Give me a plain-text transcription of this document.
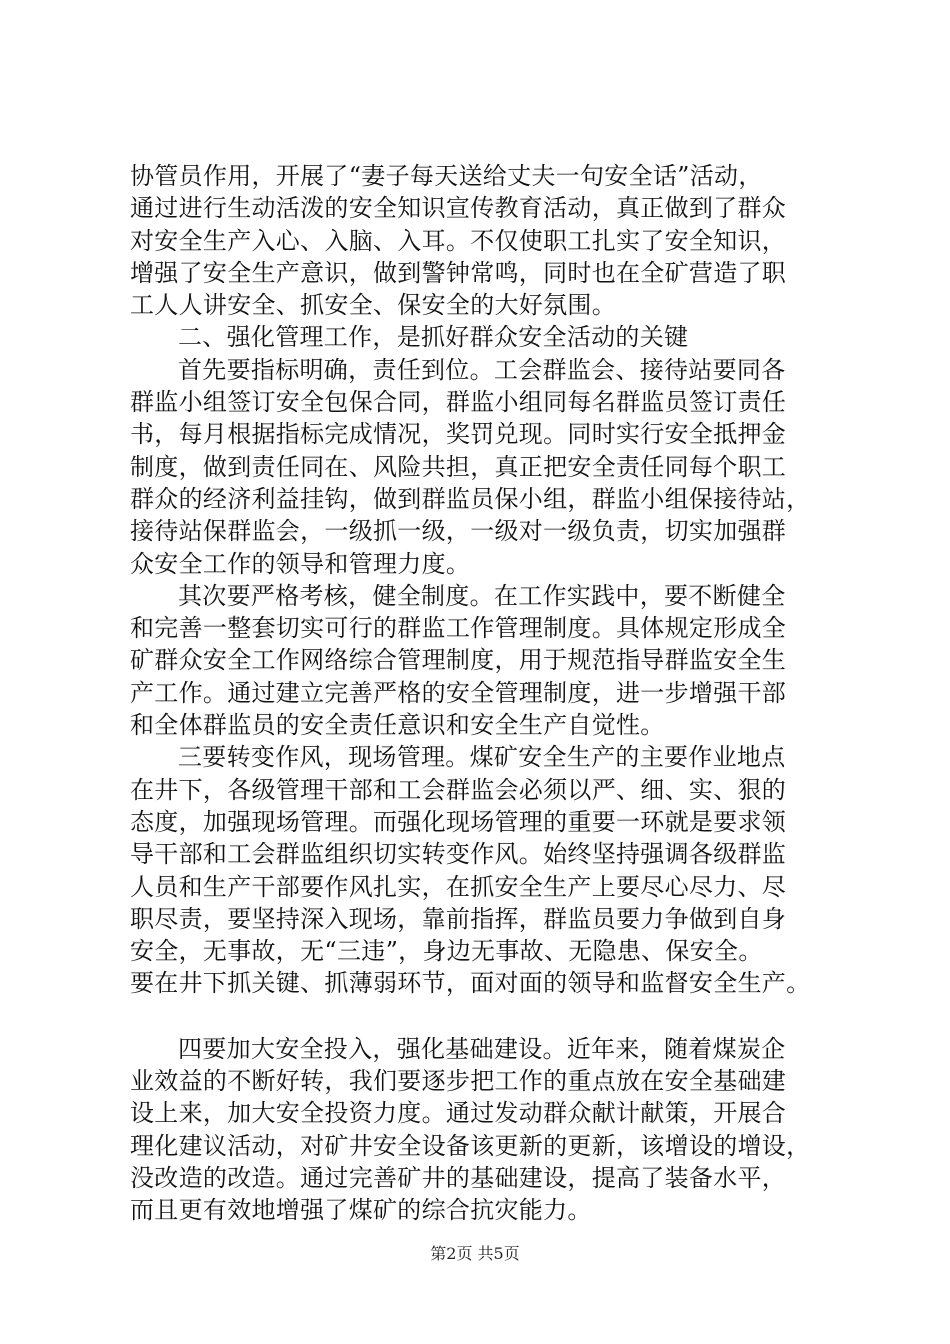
协管员作用，开展了“妻子每天送给丈夫一句安全话”活动，
通过进行生动活泼的安全知识宣传教育活动，真正做到了群众
对安全生产入心、入脑、入耳。不仅使职工扎实了安全知识，
增强了安全生产意识，做到警钟常鸣，同时也在全矿营造了职
工人人讲安全、抓安全、保安全的大好氛围。
二、强化管理工作，是抓好群众安全活动的关键
首先要指标明确，责任到位。工会群监会、接待站要同各
群监小组签订安全包保合同，群监小组同每名群监员签订责任
书，每月根据指标完成情况，奖罚兑现。同时实行安全抵押金
制度，做到责任同在、风险共担，真正把安全责任同每个职工
群众的经济利益挂钩，做到群监员保小组，群监小组保接待站，
接待站保群监会，一级抓一级，一级对一级负责，切实加强群
众安全工作的领导和管理力度。
其次要严格考核，健全制度。在工作实践中，要不断健全
和完善一整套切实可行的群监工作管理制度。具体规定形成全
矿群众安全工作网络综合管理制度，用于规范指导群监安全生
产工作。通过建立完善严格的安全管理制度，进一步增强干部
和全体群监员的安全责任意识和安全生产自觉性。
三要转变作风，现场管理。煤矿安全生产的主要作业地点
在井下，各级管理干部和工会群监会必须以严、细、实、狠的
态度，加强现场管理。而强化现场管理的重要一环就是要求领
导干部和工会群监组织切实转变作风。始终坚持强调各级群监
人员和生产干部要作风扎实，在抓安全生产上要尽心尽力、尽
职尽责，要坚持深入现场，靠前指挥，群监员要力争做到自身
安全，无事故，无“三违”，身边无事故、无隐患、保安全。
要在井下抓关键、抓薄弱环节，面对面的领导和监督安全生产。
四要加大安全投入，强化基础建设。近年来，随着煤炭企
业效益的不断好转，我们要逐步把工作的重点放在安全基础建
设上来，加大安全投资力度。通过发动群众献计献策，开展合
理化建议活动，对矿井安全设备该更新的更新，该增设的增设，
没改造的改造。通过完善矿井的基础建设，提高了装备水平，
而且更有效地增强了煤矿的综合抗灾能力。
第2页 共5页
